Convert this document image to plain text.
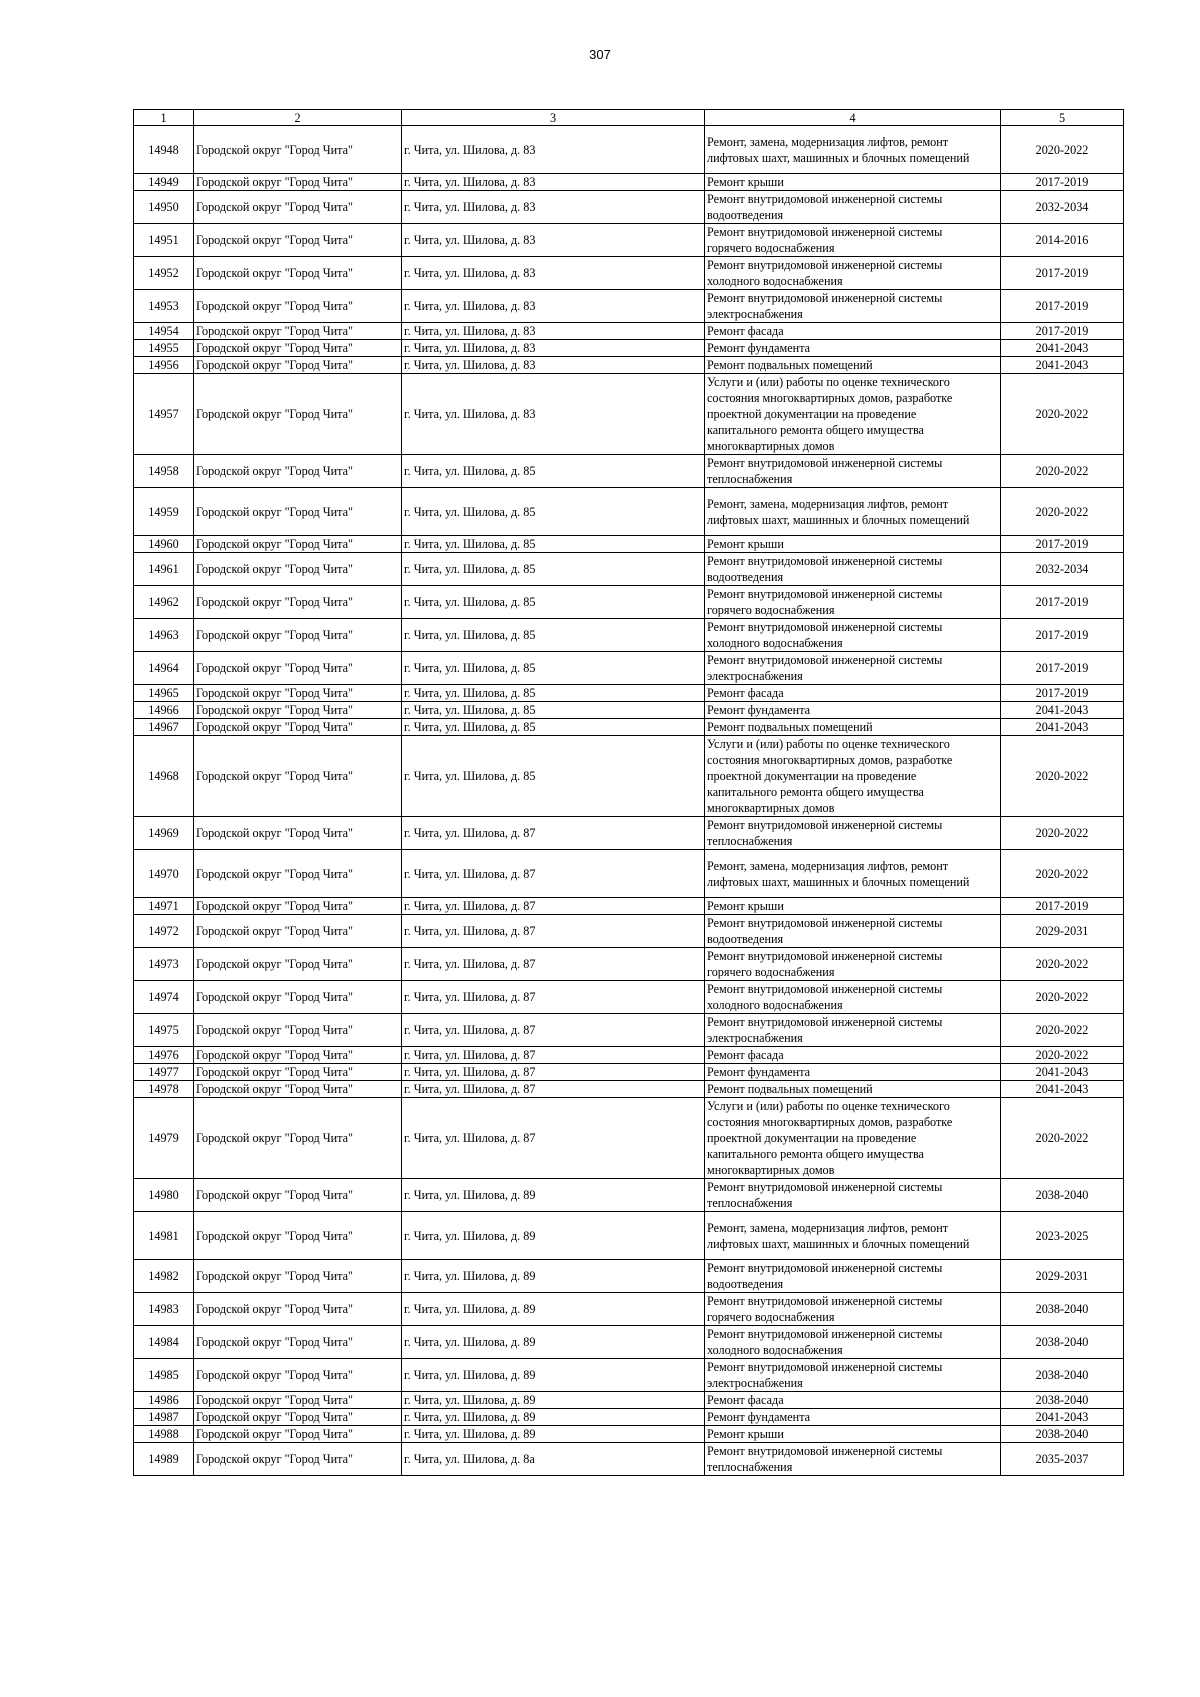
307
1	2	3	4	5
14948	Городской округ "Город Чита"	г. Чита, ул. Шилова, д. 83	Ремонт, замена, модернизация лифтов, ремонт
лифтовых шахт, машинных и блочных помещений	2020-2022
14949	Городской округ "Город Чита"	г. Чита, ул. Шилова, д. 83	Ремонт крыши	2017-2019
14950	Городской округ "Город Чита"	г. Чита, ул. Шилова, д. 83	Ремонт внутридомовой инженерной системы
водоотведения	2032-2034
14951	Городской округ "Город Чита"	г. Чита, ул. Шилова, д. 83	Ремонт внутридомовой инженерной системы
горячего водоснабжения	2014-2016
14952	Городской округ "Город Чита"	г. Чита, ул. Шилова, д. 83	Ремонт внутридомовой инженерной системы
холодного водоснабжения	2017-2019
14953	Городской округ "Город Чита"	г. Чита, ул. Шилова, д. 83	Ремонт внутридомовой инженерной системы
электроснабжения	2017-2019
14954	Городской округ "Город Чита"	г. Чита, ул. Шилова, д. 83	Ремонт фасада	2017-2019
14955	Городской округ "Город Чита"	г. Чита, ул. Шилова, д. 83	Ремонт фундамента	2041-2043
14956	Городской округ "Город Чита"	г. Чита, ул. Шилова, д. 83	Ремонт подвальных помещений	2041-2043
14957	Городской округ "Город Чита"	г. Чита, ул. Шилова, д. 83	Услуги и (или) работы по оценке технического
состояния многоквартирных домов, разработке
проектной документации на проведение
капитального ремонта общего имущества
многоквартирных домов	2020-2022
14958	Городской округ "Город Чита"	г. Чита, ул. Шилова, д. 85	Ремонт внутридомовой инженерной системы
теплоснабжения	2020-2022
14959	Городской округ "Город Чита"	г. Чита, ул. Шилова, д. 85	Ремонт, замена, модернизация лифтов, ремонт
лифтовых шахт, машинных и блочных помещений	2020-2022
14960	Городской округ "Город Чита"	г. Чита, ул. Шилова, д. 85	Ремонт крыши	2017-2019
14961	Городской округ "Город Чита"	г. Чита, ул. Шилова, д. 85	Ремонт внутридомовой инженерной системы
водоотведения	2032-2034
14962	Городской округ "Город Чита"	г. Чита, ул. Шилова, д. 85	Ремонт внутридомовой инженерной системы
горячего водоснабжения	2017-2019
14963	Городской округ "Город Чита"	г. Чита, ул. Шилова, д. 85	Ремонт внутридомовой инженерной системы
холодного водоснабжения	2017-2019
14964	Городской округ "Город Чита"	г. Чита, ул. Шилова, д. 85	Ремонт внутридомовой инженерной системы
электроснабжения	2017-2019
14965	Городской округ "Город Чита"	г. Чита, ул. Шилова, д. 85	Ремонт фасада	2017-2019
14966	Городской округ "Город Чита"	г. Чита, ул. Шилова, д. 85	Ремонт фундамента	2041-2043
14967	Городской округ "Город Чита"	г. Чита, ул. Шилова, д. 85	Ремонт подвальных помещений	2041-2043
14968	Городской округ "Город Чита"	г. Чита, ул. Шилова, д. 85	Услуги и (или) работы по оценке технического
состояния многоквартирных домов, разработке
проектной документации на проведение
капитального ремонта общего имущества
многоквартирных домов	2020-2022
14969	Городской округ "Город Чита"	г. Чита, ул. Шилова, д. 87	Ремонт внутридомовой инженерной системы
теплоснабжения	2020-2022
14970	Городской округ "Город Чита"	г. Чита, ул. Шилова, д. 87	Ремонт, замена, модернизация лифтов, ремонт
лифтовых шахт, машинных и блочных помещений	2020-2022
14971	Городской округ "Город Чита"	г. Чита, ул. Шилова, д. 87	Ремонт крыши	2017-2019
14972	Городской округ "Город Чита"	г. Чита, ул. Шилова, д. 87	Ремонт внутридомовой инженерной системы
водоотведения	2029-2031
14973	Городской округ "Город Чита"	г. Чита, ул. Шилова, д. 87	Ремонт внутридомовой инженерной системы
горячего водоснабжения	2020-2022
14974	Городской округ "Город Чита"	г. Чита, ул. Шилова, д. 87	Ремонт внутридомовой инженерной системы
холодного водоснабжения	2020-2022
14975	Городской округ "Город Чита"	г. Чита, ул. Шилова, д. 87	Ремонт внутридомовой инженерной системы
электроснабжения	2020-2022
14976	Городской округ "Город Чита"	г. Чита, ул. Шилова, д. 87	Ремонт фасада	2020-2022
14977	Городской округ "Город Чита"	г. Чита, ул. Шилова, д. 87	Ремонт фундамента	2041-2043
14978	Городской округ "Город Чита"	г. Чита, ул. Шилова, д. 87	Ремонт подвальных помещений	2041-2043
14979	Городской округ "Город Чита"	г. Чита, ул. Шилова, д. 87	Услуги и (или) работы по оценке технического
состояния многоквартирных домов, разработке
проектной документации на проведение
капитального ремонта общего имущества
многоквартирных домов	2020-2022
14980	Городской округ "Город Чита"	г. Чита, ул. Шилова, д. 89	Ремонт внутридомовой инженерной системы
теплоснабжения	2038-2040
14981	Городской округ "Город Чита"	г. Чита, ул. Шилова, д. 89	Ремонт, замена, модернизация лифтов, ремонт
лифтовых шахт, машинных и блочных помещений	2023-2025
14982	Городской округ "Город Чита"	г. Чита, ул. Шилова, д. 89	Ремонт внутридомовой инженерной системы
водоотведения	2029-2031
14983	Городской округ "Город Чита"	г. Чита, ул. Шилова, д. 89	Ремонт внутридомовой инженерной системы
горячего водоснабжения	2038-2040
14984	Городской округ "Город Чита"	г. Чита, ул. Шилова, д. 89	Ремонт внутридомовой инженерной системы
холодного водоснабжения	2038-2040
14985	Городской округ "Город Чита"	г. Чита, ул. Шилова, д. 89	Ремонт внутридомовой инженерной системы
электроснабжения	2038-2040
14986	Городской округ "Город Чита"	г. Чита, ул. Шилова, д. 89	Ремонт фасада	2038-2040
14987	Городской округ "Город Чита"	г. Чита, ул. Шилова, д. 89	Ремонт фундамента	2041-2043
14988	Городской округ "Город Чита"	г. Чита, ул. Шилова, д. 89	Ремонт крыши	2038-2040
14989	Городской округ "Город Чита"	г. Чита, ул. Шилова, д. 8а	Ремонт внутридомовой инженерной системы
теплоснабжения	2035-2037
